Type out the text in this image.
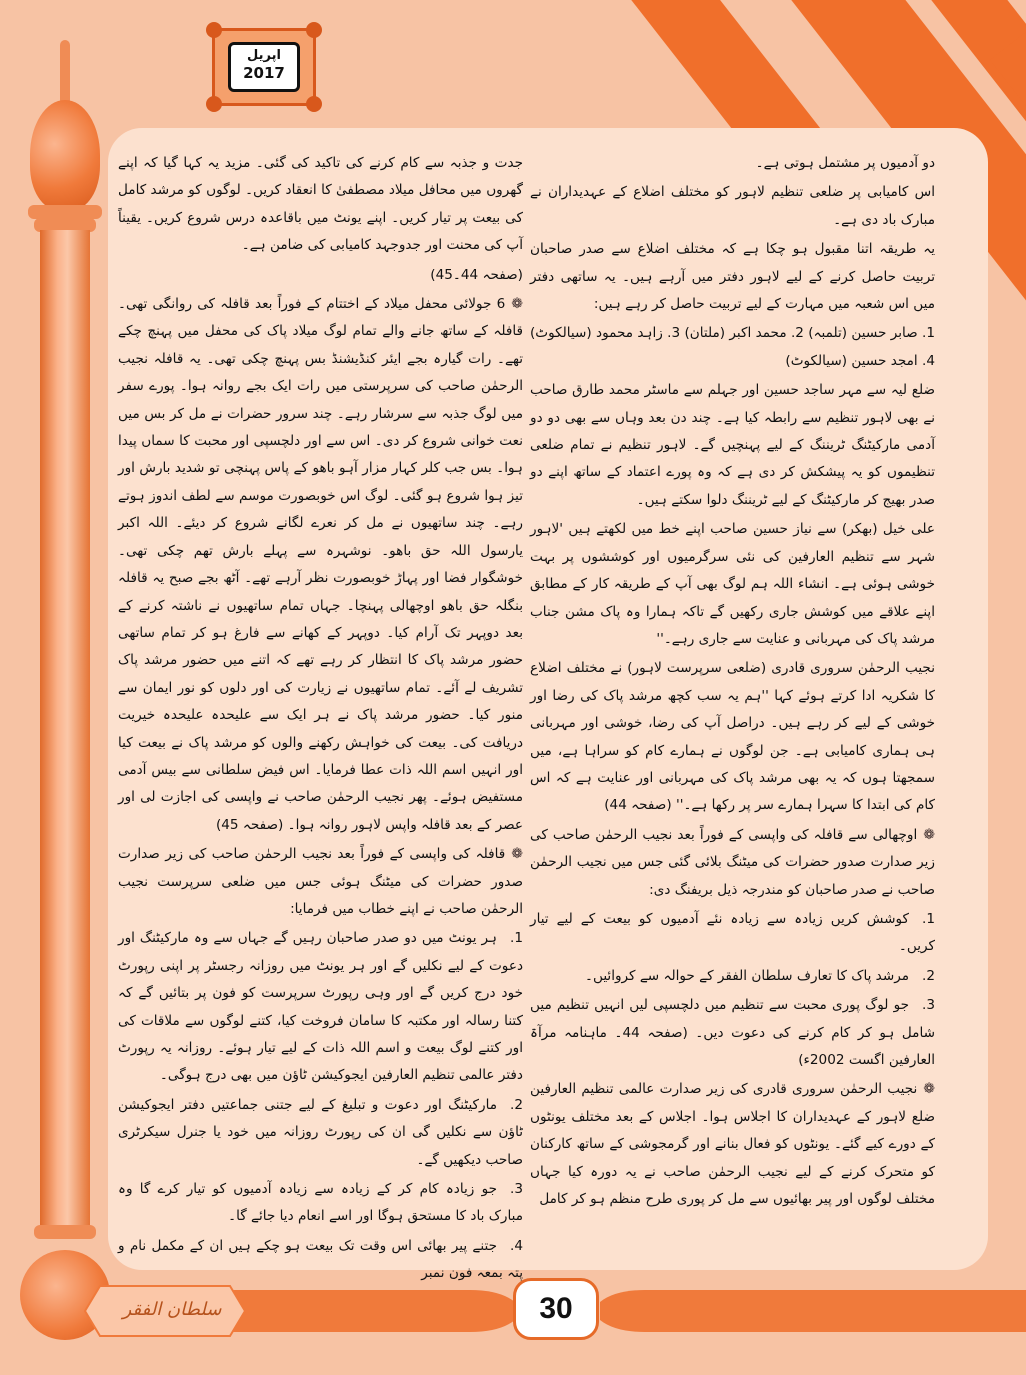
اپریل
2017

دو آدمیوں پر مشتمل ہوتی ہے۔

اس کامیابی پر ضلعی تنظیم لاہور کو مختلف اضلاع کے عہدیداران نے مبارک باد دی ہے۔

یہ طریقہ اتنا مقبول ہو چکا ہے کہ مختلف اضلاع سے صدر صاحبان تربیت حاصل کرنے کے لیے لاہور دفتر میں آرہے ہیں۔ یہ ساتھی دفتر میں اس شعبہ میں مہارت کے لیے تربیت حاصل کر رہے ہیں:

1. صابر حسین (تلمبہ) 2. محمد اکبر (ملتان) 3. زاہد محمود (سیالکوٹ) 4. امجد حسین (سیالکوٹ)

ضلع لیہ سے مہر ساجد حسین اور جہلم سے ماسٹر محمد طارق صاحب نے بھی لاہور تنظیم سے رابطہ کیا ہے۔ چند دن بعد وہاں سے بھی دو دو آدمی مارکیٹنگ ٹریننگ کے لیے پہنچیں گے۔ لاہور تنظیم نے تمام ضلعی تنظیموں کو یہ پیشکش کر دی ہے کہ وہ پورے اعتماد کے ساتھ اپنے دو صدر بھیج کر مارکیٹنگ کے لیے ٹریننگ دلوا سکتے ہیں۔

علی خیل (بھکر) سے نیاز حسین صاحب اپنے خط میں لکھتے ہیں 'لاہور شہر سے تنظیم العارفین کی نئی سرگرمیوں اور کوششوں پر بہت خوشی ہوئی ہے۔ انشاء اللہ ہم لوگ بھی آپ کے طریقہ کار کے مطابق اپنے علاقے میں کوشش جاری رکھیں گے تاکہ ہمارا وہ پاک مشن جناب مرشد پاک کی مہربانی و عنایت سے جاری رہے۔''

نجیب الرحمٰن سروری قادری (ضلعی سرپرست لاہور) نے مختلف اضلاع کا شکریہ ادا کرتے ہوئے کہا ''ہم یہ سب کچھ مرشد پاک کی رضا اور خوشی کے لیے کر رہے ہیں۔ دراصل آپ کی رضا، خوشی اور مہربانی ہی ہماری کامیابی ہے۔ جن لوگوں نے ہمارے کام کو سراہا ہے، میں سمجھتا ہوں کہ یہ بھی مرشد پاک کی مہربانی اور عنایت ہے کہ اس کام کی ابتدا کا سہرا ہمارے سر پر رکھا ہے۔'' (صفحہ 44)

❁اوچھالی سے قافلہ کی واپسی کے فوراً بعد نجیب الرحمٰن صاحب کی زیر صدارت صدور حضرات کی میٹنگ بلائی گئی جس میں نجیب الرحمٰن صاحب نے صدر صاحبان کو مندرجہ ذیل بریفنگ دی:

1.کوشش کریں زیادہ سے زیادہ نئے آدمیوں کو بیعت کے لیے تیار کریں۔

2.مرشد پاک کا تعارف سلطان الفقر کے حوالہ سے کروائیں۔

3.جو لوگ پوری محبت سے تنظیم میں دلچسپی لیں انہیں تنظیم میں شامل ہو کر کام کرنے کی دعوت دیں۔ (صفحہ 44۔ ماہنامہ مرآۃ العارفین اگست 2002ء)

❁نجیب الرحمٰن سروری قادری کی زیر صدارت عالمی تنظیم العارفین ضلع لاہور کے عہدیداران کا اجلاس ہوا۔ اجلاس کے بعد مختلف یونٹوں کے دورے کیے گئے۔ یونٹوں کو فعال بنانے اور گرمجوشی کے ساتھ کارکنان کو متحرک کرنے کے لیے نجیب الرحمٰن صاحب نے یہ دورہ کیا جہاں مختلف لوگوں اور پیر بھائیوں سے مل کر پوری طرح منظم ہو کر کامل

جدت و جذبہ سے کام کرنے کی تاکید کی گئی۔ مزید یہ کہا گیا کہ اپنے گھروں میں محافل میلاد مصطفیٰ کا انعقاد کریں۔ لوگوں کو مرشد کامل کی بیعت پر تیار کریں۔ اپنے یونٹ میں باقاعدہ درس شروع کریں۔ یقیناً آپ کی محنت اور جدوجہد کامیابی کی ضامن ہے۔

(صفحہ 44۔45)

❁6 جولائی محفل میلاد کے اختتام کے فوراً بعد قافلہ کی روانگی تھی۔ قافلہ کے ساتھ جانے والے تمام لوگ میلاد پاک کی محفل میں پہنچ چکے تھے۔ رات گیارہ بجے ایئر کنڈیشنڈ بس پہنچ چکی تھی۔ یہ قافلہ نجیب الرحمٰن صاحب کی سرپرستی میں رات ایک بجے روانہ ہوا۔ پورے سفر میں لوگ جذبہ سے سرشار رہے۔ چند سرور حضرات نے مل کر بس میں نعت خوانی شروع کر دی۔ اس سے اور دلچسپی اور محبت کا سماں پیدا ہوا۔ بس جب کلر کہار مزار آہو باھو کے پاس پہنچی تو شدید بارش اور تیز ہوا شروع ہو گئی۔ لوگ اس خوبصورت موسم سے لطف اندوز ہوتے رہے۔ چند ساتھیوں نے مل کر نعرے لگانے شروع کر دیئے۔ اللہ اکبر یارسول اللہ حق باھو۔ نوشہرہ سے پہلے بارش تھم چکی تھی۔ خوشگوار فضا اور پہاڑ خوبصورت نظر آرہے تھے۔ آٹھ بجے صبح یہ قافلہ بنگلہ حق باھو اوچھالی پہنچا۔ جہاں تمام ساتھیوں نے ناشتہ کرنے کے بعد دوپہر تک آرام کیا۔ دوپہر کے کھانے سے فارغ ہو کر تمام ساتھی حضور مرشد پاک کا انتظار کر رہے تھے کہ اتنے میں حضور مرشد پاک تشریف لے آئے۔ تمام ساتھیوں نے زیارت کی اور دلوں کو نور ایمان سے منور کیا۔ حضور مرشد پاک نے ہر ایک سے علیحدہ علیحدہ خیریت دریافت کی۔ بیعت کی خواہش رکھنے والوں کو مرشد پاک نے بیعت کیا اور انہیں اسم اللہ ذات عطا فرمایا۔ اس فیض سلطانی سے بیس آدمی مستفیض ہوئے۔ پھر نجیب الرحمٰن صاحب نے واپسی کی اجازت لی اور عصر کے بعد قافلہ واپس لاہور روانہ ہوا۔ (صفحہ 45)

❁قافلہ کی واپسی کے فوراً بعد نجیب الرحمٰن صاحب کی زیر صدارت صدور حضرات کی میٹنگ ہوئی جس میں ضلعی سرپرست نجیب الرحمٰن صاحب نے اپنے خطاب میں فرمایا:

1.ہر یونٹ میں دو صدر صاحبان رہیں گے جہاں سے وہ مارکیٹنگ اور دعوت کے لیے نکلیں گے اور ہر یونٹ میں روزانہ رجسٹر پر اپنی رپورٹ خود درج کریں گے اور وہی رپورٹ سرپرست کو فون پر بتائیں گے کہ کتنا رسالہ اور مکتبہ کا سامان فروخت کیا، کتنے لوگوں سے ملاقات کی اور کتنے لوگ بیعت و اسم اللہ ذات کے لیے تیار ہوئے۔ روزانہ یہ رپورٹ دفتر عالمی تنظیم العارفین ایجوکیشن ٹاؤن میں بھی درج ہوگی۔

2.مارکیٹنگ اور دعوت و تبلیغ کے لیے جتنی جماعتیں دفتر ایجوکیشن ٹاؤن سے نکلیں گی ان کی رپورٹ روزانہ میں خود یا جنرل سیکرٹری صاحب دیکھیں گے۔

3.جو زیادہ کام کر کے زیادہ سے زیادہ آدمیوں کو تیار کرے گا وہ مبارک باد کا مستحق ہوگا اور اسے انعام دیا جائے گا۔

4.جتنے پیر بھائی اس وقت تک بیعت ہو چکے ہیں ان کے مکمل نام و پتہ بمعہ فون نمبر

سلطان الفقر	30
